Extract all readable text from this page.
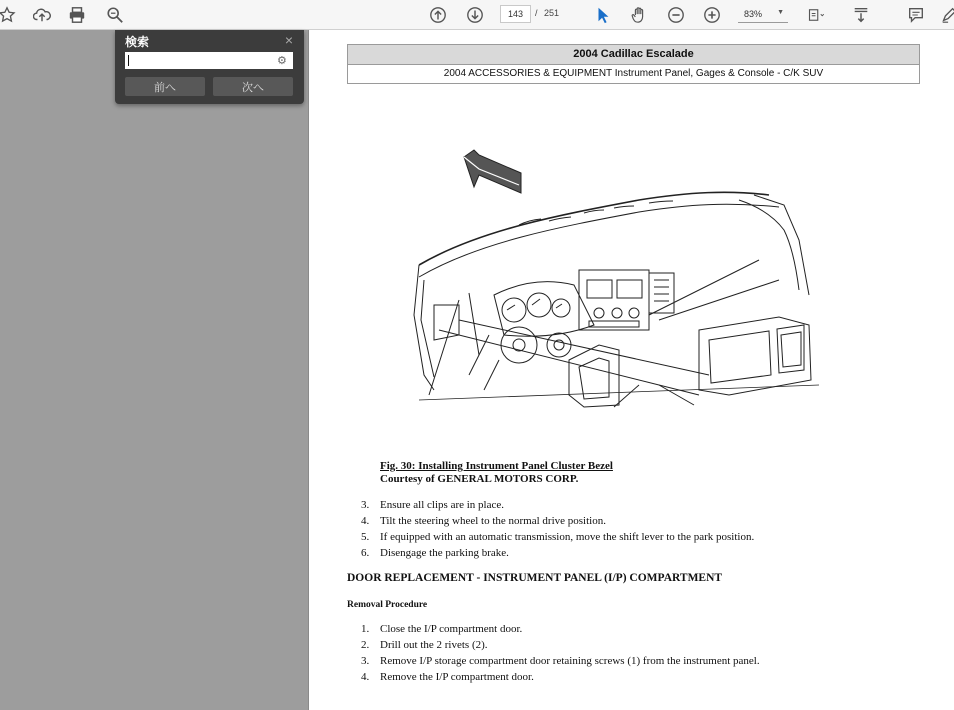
143	/ 251	83% ▼
2004 Cadillac Escalade
2004 ACCESSORIES & EQUIPMENT Instrument Panel, Gages & Console - C/K SUV
Fig. 30: Installing Instrument Panel Cluster Bezel
Courtesy of GENERAL MOTORS CORP.
3. Ensure all clips are in place.
4. Tilt the steering wheel to the normal drive position.
5. If equipped with an automatic transmission, move the shift lever to the park position.
6. Disengage the parking brake.
DOOR REPLACEMENT - INSTRUMENT PANEL (I/P) COMPARTMENT
Removal Procedure
1. Close the I/P compartment door.
2. Drill out the 2 rivets (2).
3. Remove I/P storage compartment door retaining screws (1) from the instrument panel.
4. Remove the I/P compartment door.
検索	×
⚙
前へ	次へ
